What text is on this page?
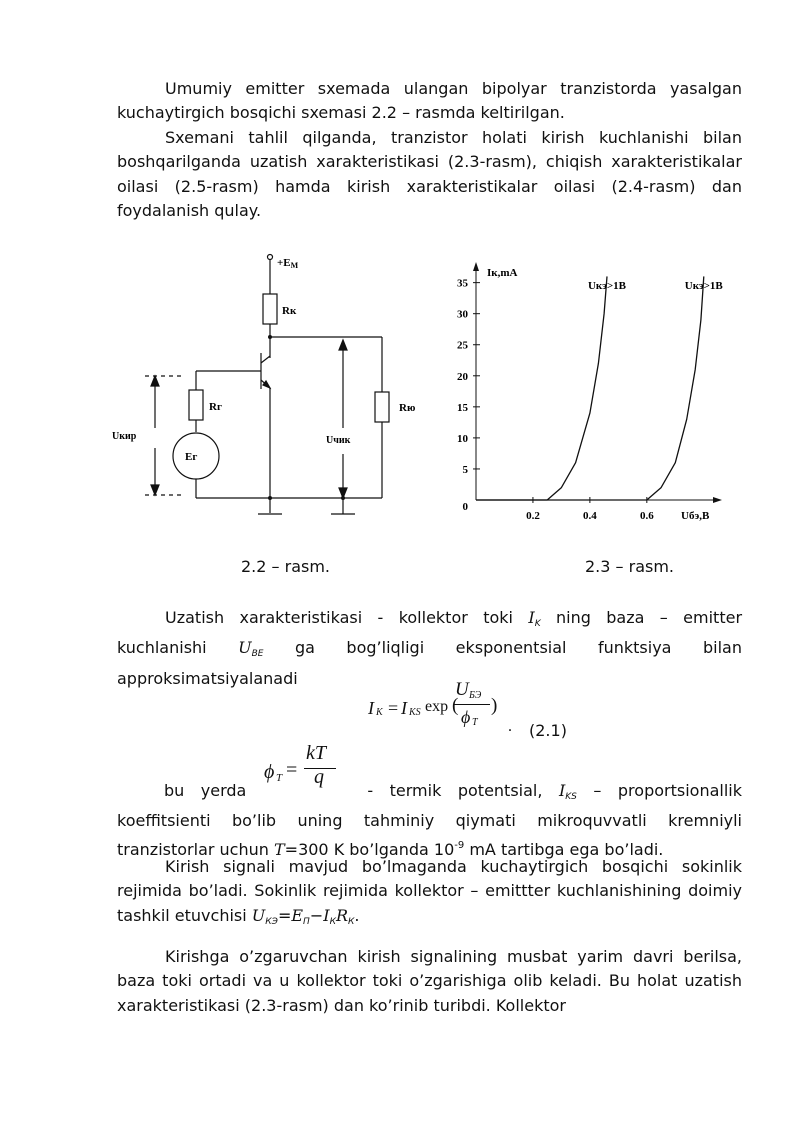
Umumiy emitter sxemada ulangan bipolyar tranzistorda yasalgan kuchaytirgich bosqichi sxemasi 2.2 – rasmda keltirilgan.

Sxemani tahlil qilganda, tranzistor holati kirish kuchlanishi bilan boshqarilganda uzatish xarakteristikasi (2.3-rasm), chiqish xarakteristikalar oilasi (2.5-rasm) hamda kirish xarakteristikalar oilasi (2.4-rasm) dan foydalanish qulay.

+EM
Rк
Rг
Eг
Uкир	Uчик
Rю
Iк,mA
Uбэ,В
0
5
10
15
20
25
30
35
0.2	0.4	0.6
Uкэ>1В	Uкэ>1В
2.2 – rasm.	2.3 – rasm.

Uzatish xarakteristikasi - kollektor toki $I_K$ ning baza – emitter kuchlanishi $U_{BE}$ ga bog’liqligi eksponentsial funktsiya bilan approksimatsiyalanadi

I K = I KS exp (
U БЭ
ϕ T
)
. (2.1)
ϕ T =
kT
q

bu yerda	- termik potentsial, $I_{KS}$ – proportsionallik koeffitsienti bo’lib uning tahminiy qiymati mikroquvvatli kremniyli tranzistorlar uchun T=300 K bo’lganda $10^{-9}$ mA tartibga ega bo’ladi.

Kirish signali mavjud bo’lmaganda kuchaytirgich bosqichi sokinlik rejimida bo’ladi. Sokinlik rejimida kollektor – emittter kuchlanishining doimiy tashkil etuvchisi $U_{КЭ}=E_П-I_КR_К$.

Kirishga o’zgaruvchan kirish signalining musbat yarim davri berilsa, baza toki ortadi va u kollektor toki o’zgarishiga olib keladi. Bu holat uzatish xarakteristikasi (2.3-rasm) dan ko’rinib turibdi. Kollektor
